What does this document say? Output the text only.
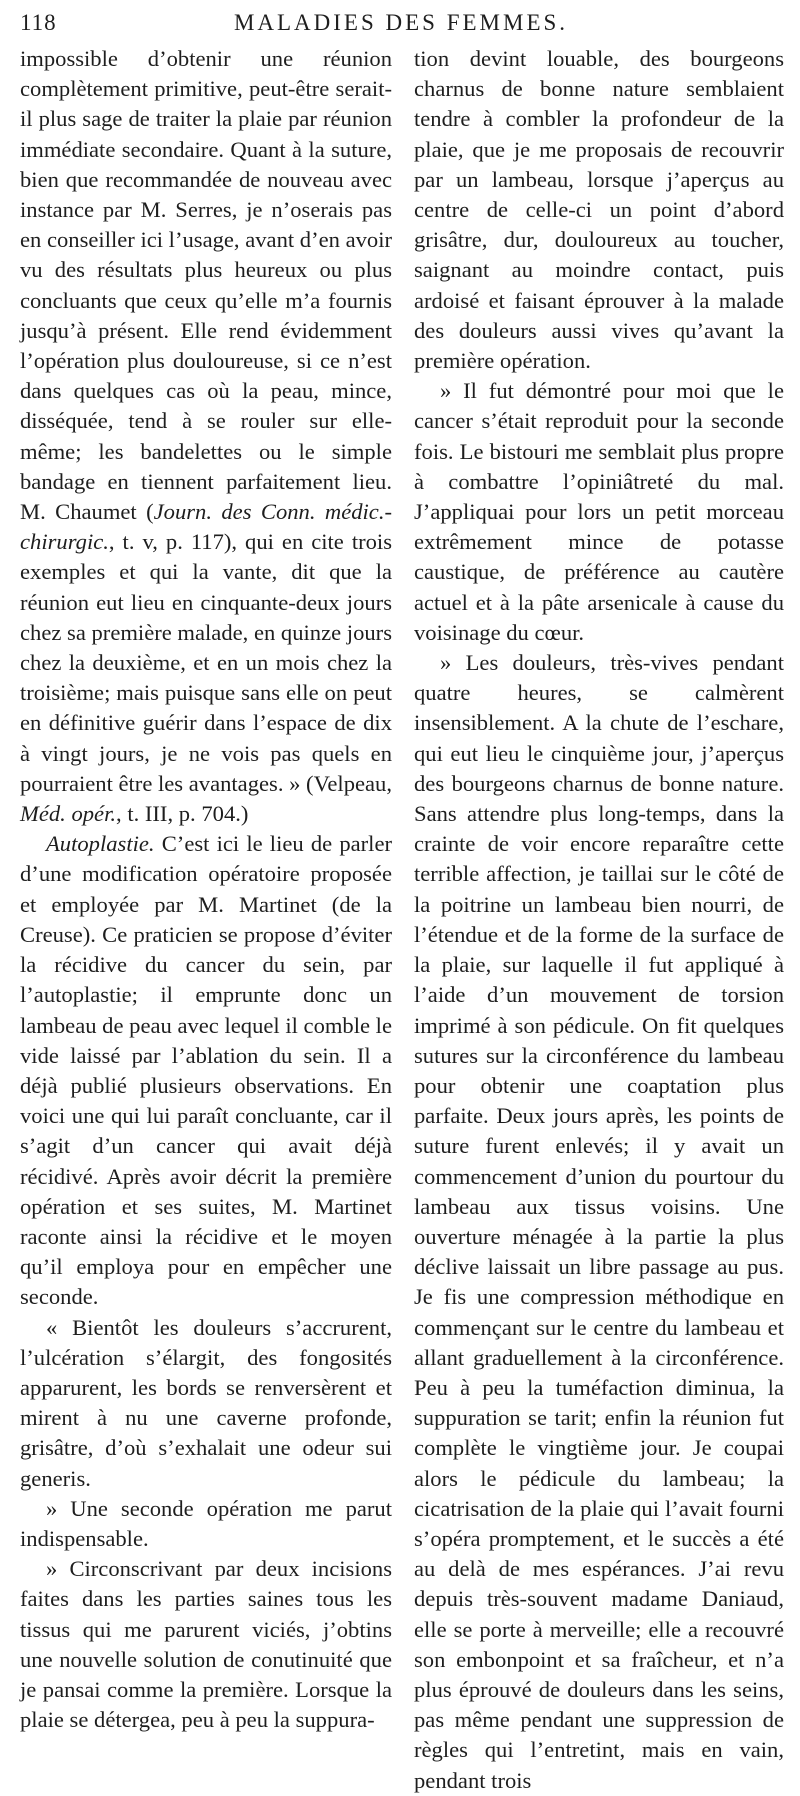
118	MALADIES DES FEMMES.

impossible d’obtenir une réunion complètement primitive, peut-être serait-il plus sage de traiter la plaie par réunion immédiate secondaire. Quant à la suture, bien que recommandée de nouveau avec instance par M. Serres, je n’oserais pas en conseiller ici l’usage, avant d’en avoir vu des résultats plus heureux ou plus concluants que ceux qu’elle m’a fournis jusqu’à présent. Elle rend évidemment l’opération plus douloureuse, si ce n’est dans quelques cas où la peau, mince, disséquée, tend à se rouler sur elle-même; les bandelettes ou le simple bandage en tiennent parfaitement lieu. M. Chaumet (Journ. des Conn. médic.-chirurgic., t. v, p. 117), qui en cite trois exemples et qui la vante, dit que la réunion eut lieu en cinquante-deux jours chez sa première malade, en quinze jours chez la deuxième, et en un mois chez la troisième; mais puisque sans elle on peut en définitive guérir dans l’espace de dix à vingt jours, je ne vois pas quels en pourraient être les avantages. » (Velpeau, Méd. opér., t. III, p. 704.)

Autoplastie. C’est ici le lieu de parler d’une modification opératoire proposée et employée par M. Martinet (de la Creuse). Ce praticien se propose d’éviter la récidive du cancer du sein, par l’autoplastie; il emprunte donc un lambeau de peau avec lequel il comble le vide laissé par l’ablation du sein. Il a déjà publié plusieurs observations. En voici une qui lui paraît concluante, car il s’agit d’un cancer qui avait déjà récidivé. Après avoir décrit la première opération et ses suites, M. Martinet raconte ainsi la récidive et le moyen qu’il employa pour en empêcher une seconde.

« Bientôt les douleurs s’accrurent, l’ulcération s’élargit, des fongosités apparurent, les bords se renversèrent et mirent à nu une caverne profonde, grisâtre, d’où s’exhalait une odeur sui generis.

» Une seconde opération me parut indispensable.

» Circonscrivant par deux incisions faites dans les parties saines tous les tissus qui me parurent viciés, j’obtins une nouvelle solution de conutinuité que je pansai comme la première. Lorsque la plaie se détergea, peu à peu la suppura-

tion devint louable, des bourgeons charnus de bonne nature semblaient tendre à combler la profondeur de la plaie, que je me proposais de recouvrir par un lambeau, lorsque j’aperçus au centre de celle-ci un point d’abord grisâtre, dur, douloureux au toucher, saignant au moindre contact, puis ardoisé et faisant éprouver à la malade des douleurs aussi vives qu’avant la première opération.

» Il fut démontré pour moi que le cancer s’était reproduit pour la seconde fois. Le bistouri me semblait plus propre à combattre l’opiniâtreté du mal. J’appliquai pour lors un petit morceau extrêmement mince de potasse caustique, de préférence au cautère actuel et à la pâte arsenicale à cause du voisinage du cœur.

» Les douleurs, très-vives pendant quatre heures, se calmèrent insensiblement. A la chute de l’eschare, qui eut lieu le cinquième jour, j’aperçus des bourgeons charnus de bonne nature. Sans attendre plus long-temps, dans la crainte de voir encore reparaître cette terrible affection, je taillai sur le côté de la poitrine un lambeau bien nourri, de l’étendue et de la forme de la surface de la plaie, sur laquelle il fut appliqué à l’aide d’un mouvement de torsion imprimé à son pédicule. On fit quelques sutures sur la circonférence du lambeau pour obtenir une coaptation plus parfaite. Deux jours après, les points de suture furent enlevés; il y avait un commencement d’union du pourtour du lambeau aux tissus voisins. Une ouverture ménagée à la partie la plus déclive laissait un libre passage au pus. Je fis une compression méthodique en commençant sur le centre du lambeau et allant graduellement à la circonférence. Peu à peu la tuméfaction diminua, la suppuration se tarit; enfin la réunion fut complète le vingtième jour. Je coupai alors le pédicule du lambeau; la cicatrisation de la plaie qui l’avait fourni s’opéra promptement, et le succès a été au delà de mes espérances. J’ai revu depuis très-souvent madame Daniaud, elle se porte à merveille; elle a recouvré son embonpoint et sa fraîcheur, et n’a plus éprouvé de douleurs dans les seins, pas même pendant une suppression de règles qui l’entretint, mais en vain, pendant trois
